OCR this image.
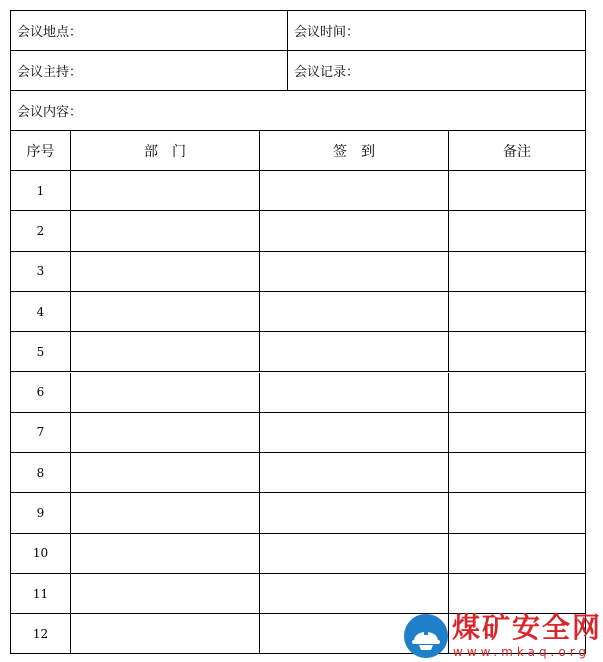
会议地点：	会议时间：
会议主持：	会议记录：
会议内容：
序号	部　门	签　到	备注
1
2
3
4
5
6
7
8
9
10
11
12	煤矿安全网
www.mkaq.org
